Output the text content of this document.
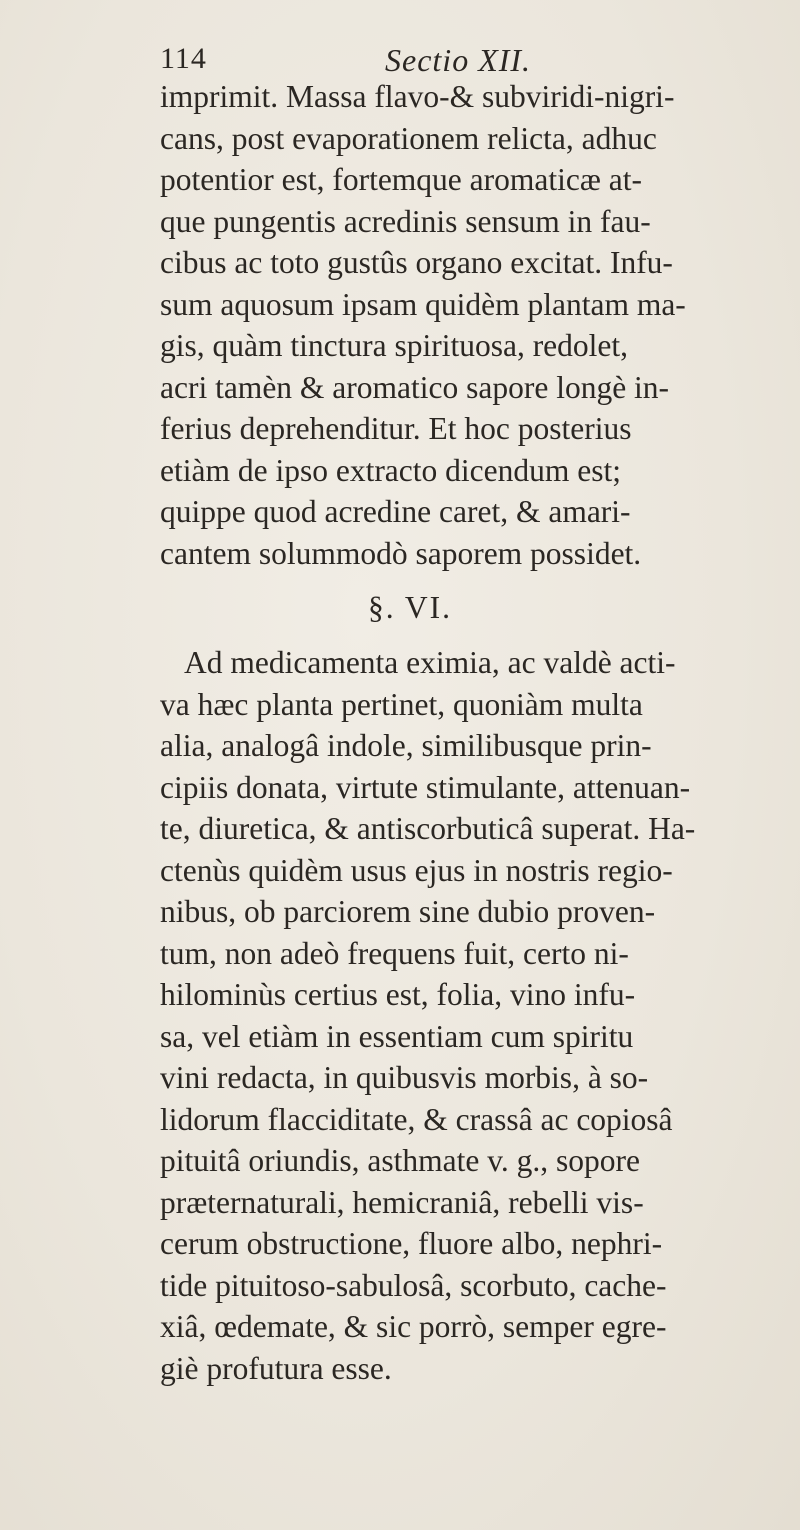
114	Sectio XII.
imprimit. Massa flavo-& subviridi-nigri-
cans, post evaporationem relicta, adhuc
potentior est, fortemque aromaticæ at-
que pungentis acredinis sensum in fau-
cibus ac toto gustûs organo excitat. Infu-
sum aquosum ipsam quidèm plantam ma-
gis, quàm tinctura spirituosa, redolet,
acri tamèn & aromatico sapore longè in-
ferius deprehenditur. Et hoc posterius
etiàm de ipso extracto dicendum est;
quippe quod acredine caret, & amari-
cantem solummodò saporem possidet.
§. VI.
Ad medicamenta eximia, ac valdè acti-
va hæc planta pertinet, quoniàm multa
alia, analogâ indole, similibusque prin-
cipiis donata, virtute stimulante, attenuan-
te, diuretica, & antiscorbuticâ superat. Ha-
ctenùs quidèm usus ejus in nostris regio-
nibus, ob parciorem sine dubio proven-
tum, non adeò frequens fuit, certo ni-
hilominùs certius est, folia, vino infu-
sa, vel etiàm in essentiam cum spiritu
vini redacta, in quibusvis morbis, à so-
lidorum flacciditate, & crassâ ac copiosâ
pituitâ oriundis, asthmate v. g., sopore
præternaturali, hemicraniâ, rebelli vis-
cerum obstructione, fluore albo, nephri-
tide pituitoso-sabulosâ, scorbuto, cache-
xiâ, œdemate, & sic porrò, semper egre-
giè profutura esse.
